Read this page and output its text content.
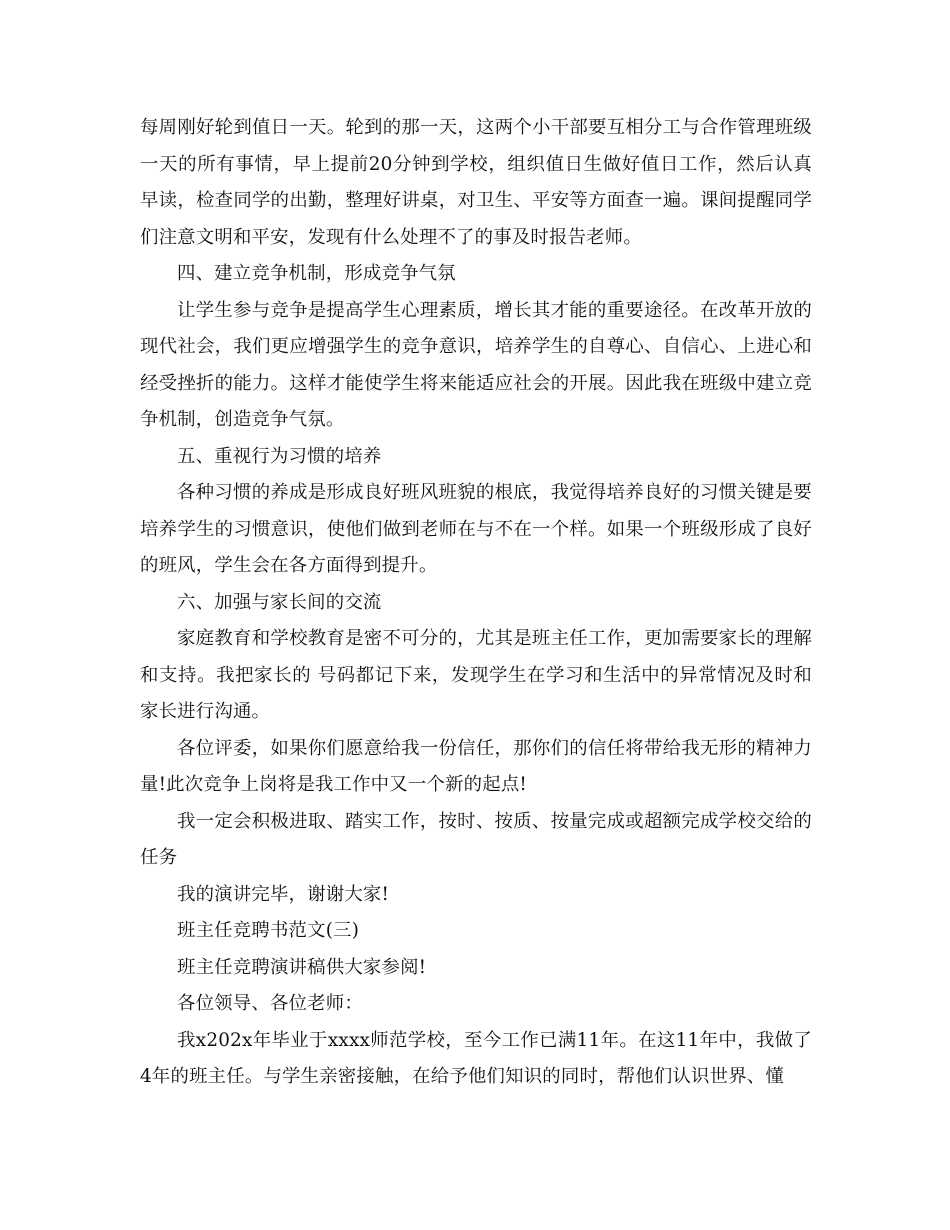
每周刚好轮到值日一天。轮到的那一天，这两个小干部要互相分工与合作管理班级一天的所有事情，早上提前20分钟到学校，组织值日生做好值日工作，然后认真早读，检查同学的出勤，整理好讲桌，对卫生、平安等方面查一遍。课间提醒同学们注意文明和平安，发现有什么处理不了的事及时报告老师。

四、建立竞争机制，形成竞争气氛

让学生参与竞争是提高学生心理素质，增长其才能的重要途径。在改革开放的现代社会，我们更应增强学生的竞争意识，培养学生的自尊心、自信心、上进心和经受挫折的能力。这样才能使学生将来能适应社会的开展。因此我在班级中建立竞争机制，创造竞争气氛。

五、重视行为习惯的培养

各种习惯的养成是形成良好班风班貌的根底，我觉得培养良好的习惯关键是要培养学生的习惯意识，使他们做到老师在与不在一个样。如果一个班级形成了良好的班风，学生会在各方面得到提升。

六、加强与家长间的交流

家庭教育和学校教育是密不可分的，尤其是班主任工作，更加需要家长的理解和支持。我把家长的 号码都记下来，发现学生在学习和生活中的异常情况及时和家长进行沟通。

各位评委，如果你们愿意给我一份信任，那你们的信任将带给我无形的精神力量!此次竞争上岗将是我工作中又一个新的起点!

我一定会积极进取、踏实工作，按时、按质、按量完成或超额完成学校交给的任务

我的演讲完毕，谢谢大家!

班主任竞聘书范文(三)

班主任竞聘演讲稿供大家参阅!

各位领导、各位老师：

我x202x年毕业于xxxx师范学校，至今工作已满11年。在这11年中，我做了4年的班主任。与学生亲密接触，在给予他们知识的同时，帮他们认识世界、懂
